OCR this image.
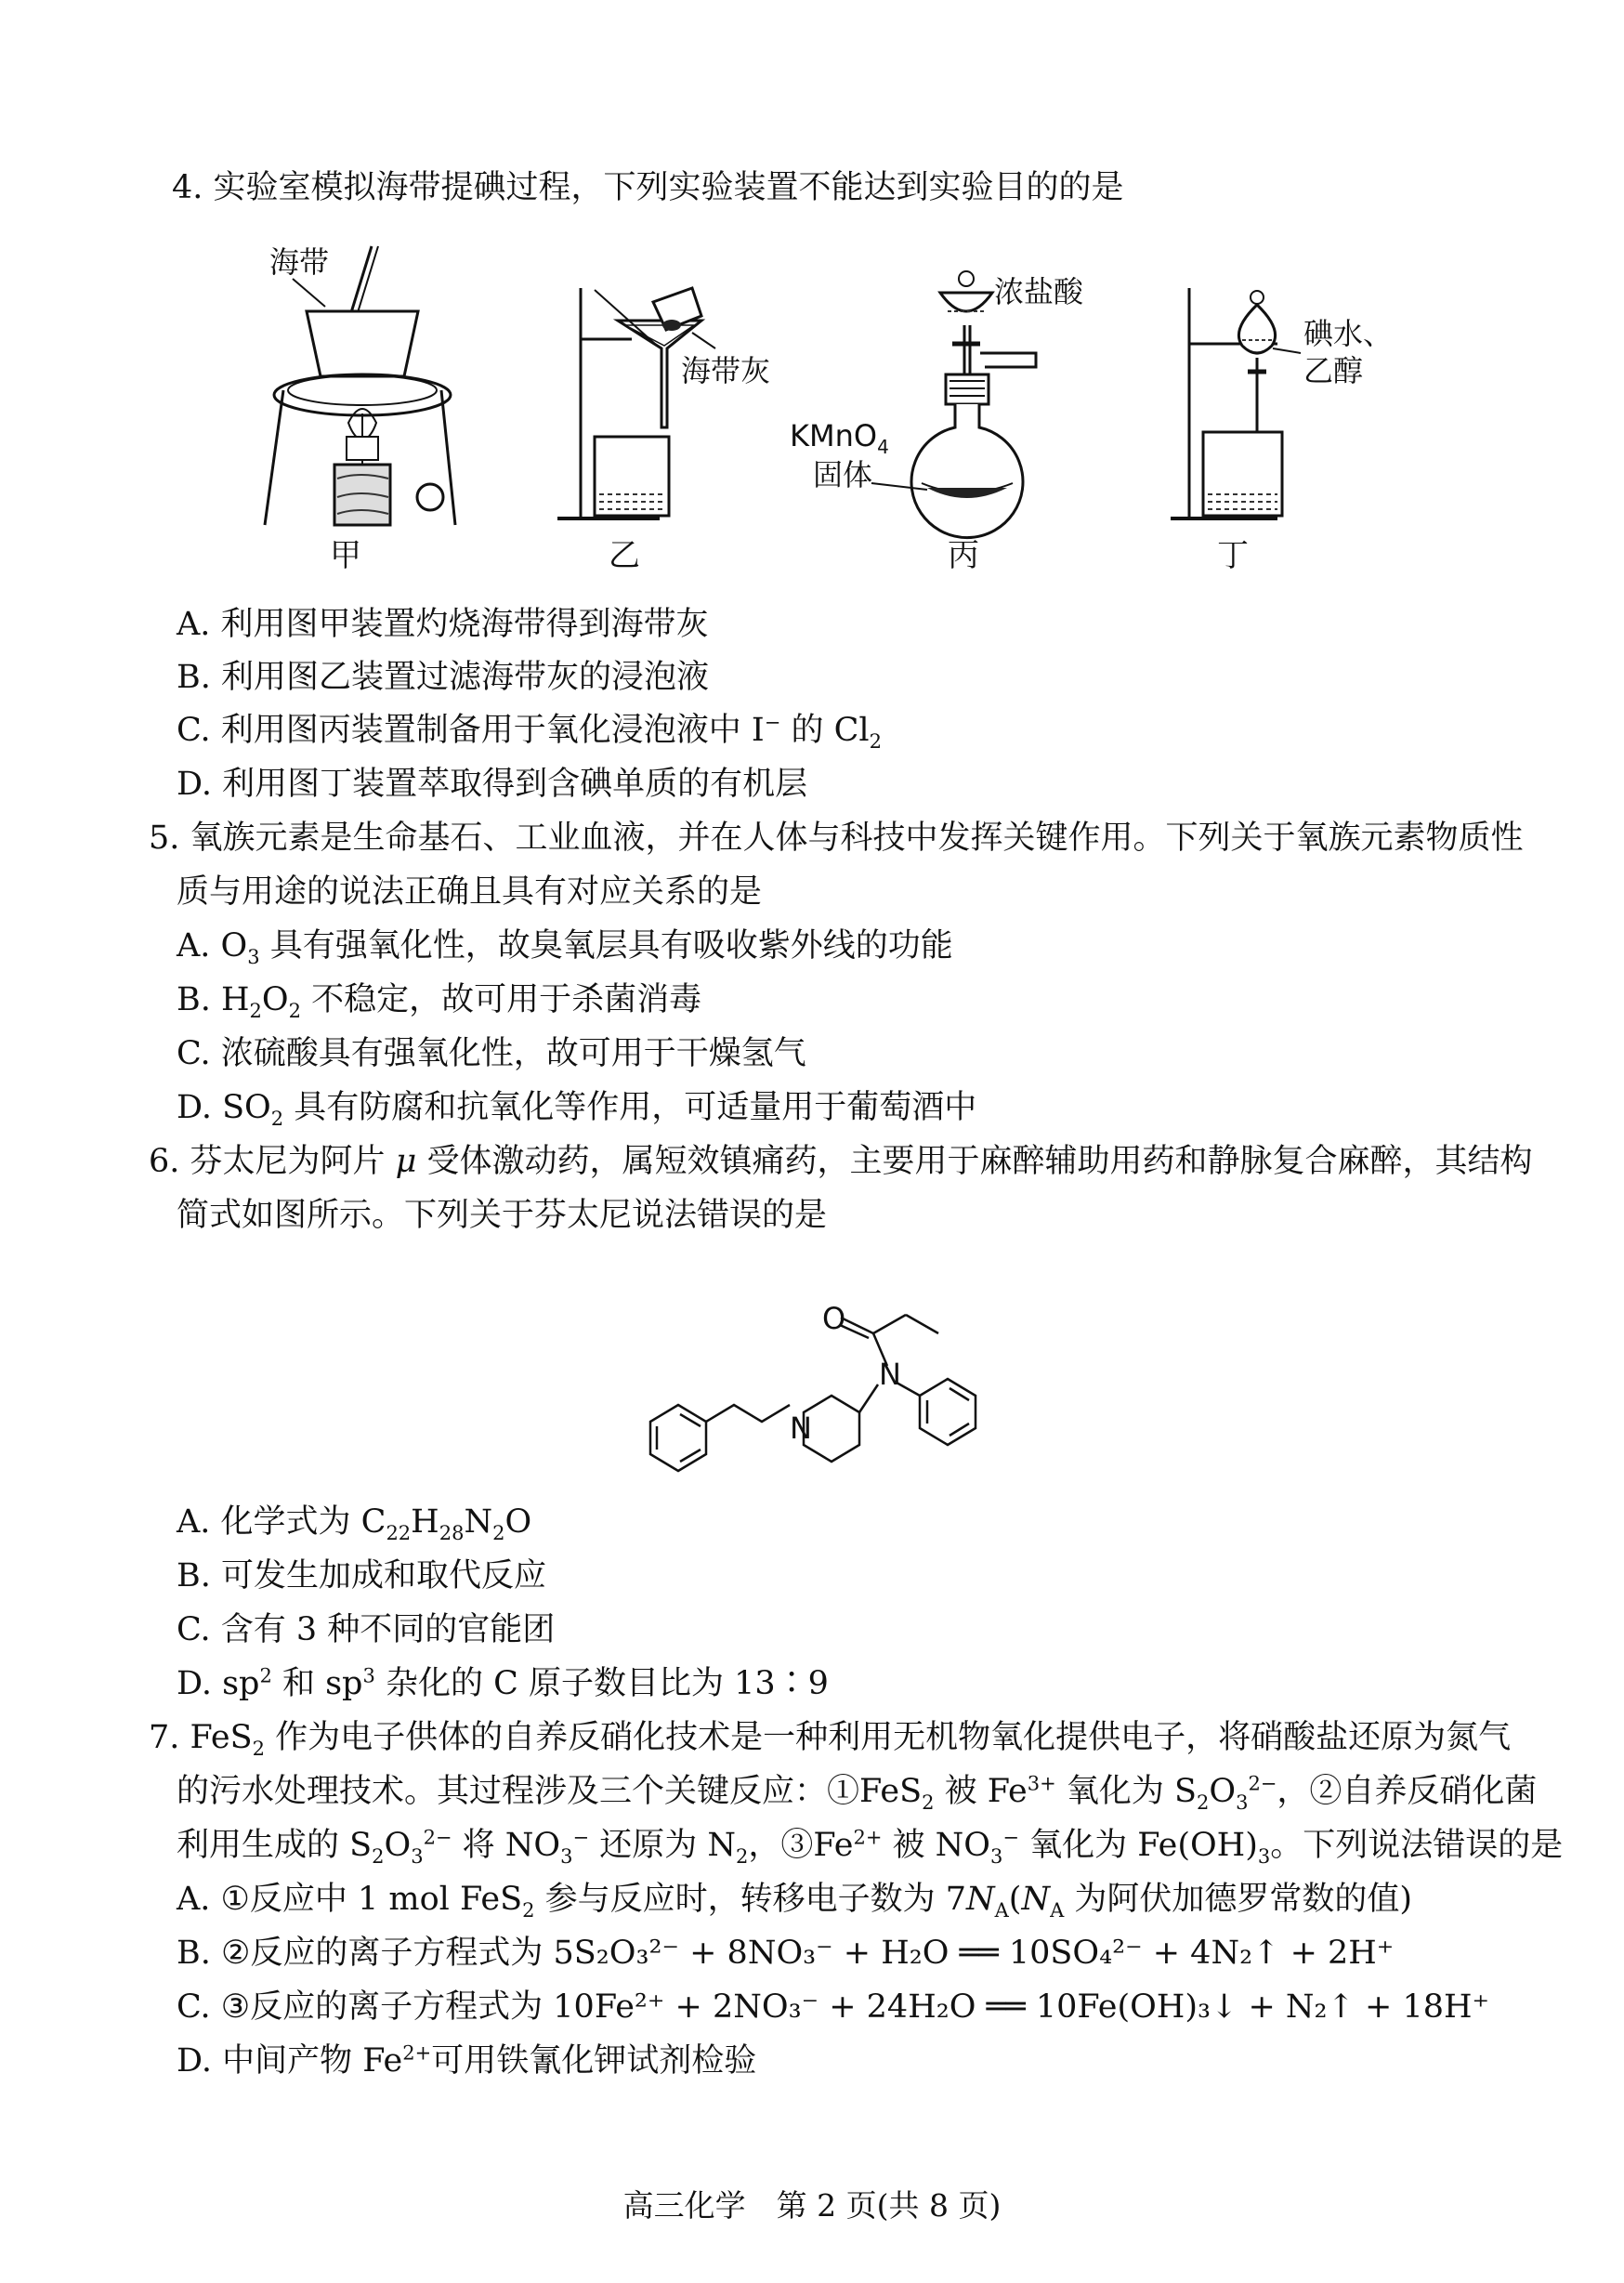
4. 实验室模拟海带提碘过程，下列实验装置不能达到实验目的的是
海带
甲
海带灰
乙
浓盐酸
KMnO$_4$
固体
丙
碘水、
乙醇
丁
A. 利用图甲装置灼烧海带得到海带灰
B. 利用图乙装置过滤海带灰的浸泡液
C. 利用图丙装置制备用于氧化浸泡液中 I− 的 $Cl_2$
D. 利用图丁装置萃取得到含碘单质的有机层
5. 氧族元素是生命基石、工业血液，并在人体与科技中发挥关键作用。下列关于氧族元素物质性
质与用途的说法正确且具有对应关系的是
A. $O_3$ 具有强氧化性，故臭氧层具有吸收紫外线的功能
B. $H_2O_2$ 不稳定，故可用于杀菌消毒
C. 浓硫酸具有强氧化性，故可用于干燥氢气
D. $SO_2$ 具有防腐和抗氧化等作用，可适量用于葡萄酒中
6. 芬太尼为阿片 μ 受体激动药，属短效镇痛药，主要用于麻醉辅助用药和静脉复合麻醉，其结构
简式如图所示。下列关于芬太尼说法错误的是
O
N
N
A. 化学式为 $C_{22}H_{28}N_2O$
B. 可发生加成和取代反应
C. 含有 3 种不同的官能团
D. $sp^2$ 和 $sp^3$ 杂化的 C 原子数目比为 13∶9
7. FeS$_2$ 作为电子供体的自养反硝化技术是一种利用无机物氧化提供电子，将硝酸盐还原为氮气
的污水处理技术。其过程涉及三个关键反应：①FeS$_2$ 被 $Fe^{3+}$ 氧化为 $S_2O_3^{2-}$，②自养反硝化菌
利用生成的 $S_2O_3^{2-}$ 将 $NO_3^-$ 还原为 $N_2$，$③Fe^{2+}$ 被 $NO_3^-$ 氧化为 $Fe(OH)_3$。下列说法错误的是
A. ①反应中 1 mol FeS$_2$ 参与反应时，转移电子数为 $7N_A(N_A$ 为阿伏加德罗常数的值)
B. ②反应的离子方程式为 5S₂O₃²⁻ + 8NO₃⁻ + H₂O ══ 10SO₄²⁻ + 4N₂↑ + 2H⁺
C. ③反应的离子方程式为 10Fe²⁺ + 2NO₃⁻ + 24H₂O ══ 10Fe(OH)₃↓ + N₂↑ + 18H⁺
D. 中间产物 $Fe^{2+}$可用铁氰化钾试剂检验
高三化学　第 2 页(共 8 页)
